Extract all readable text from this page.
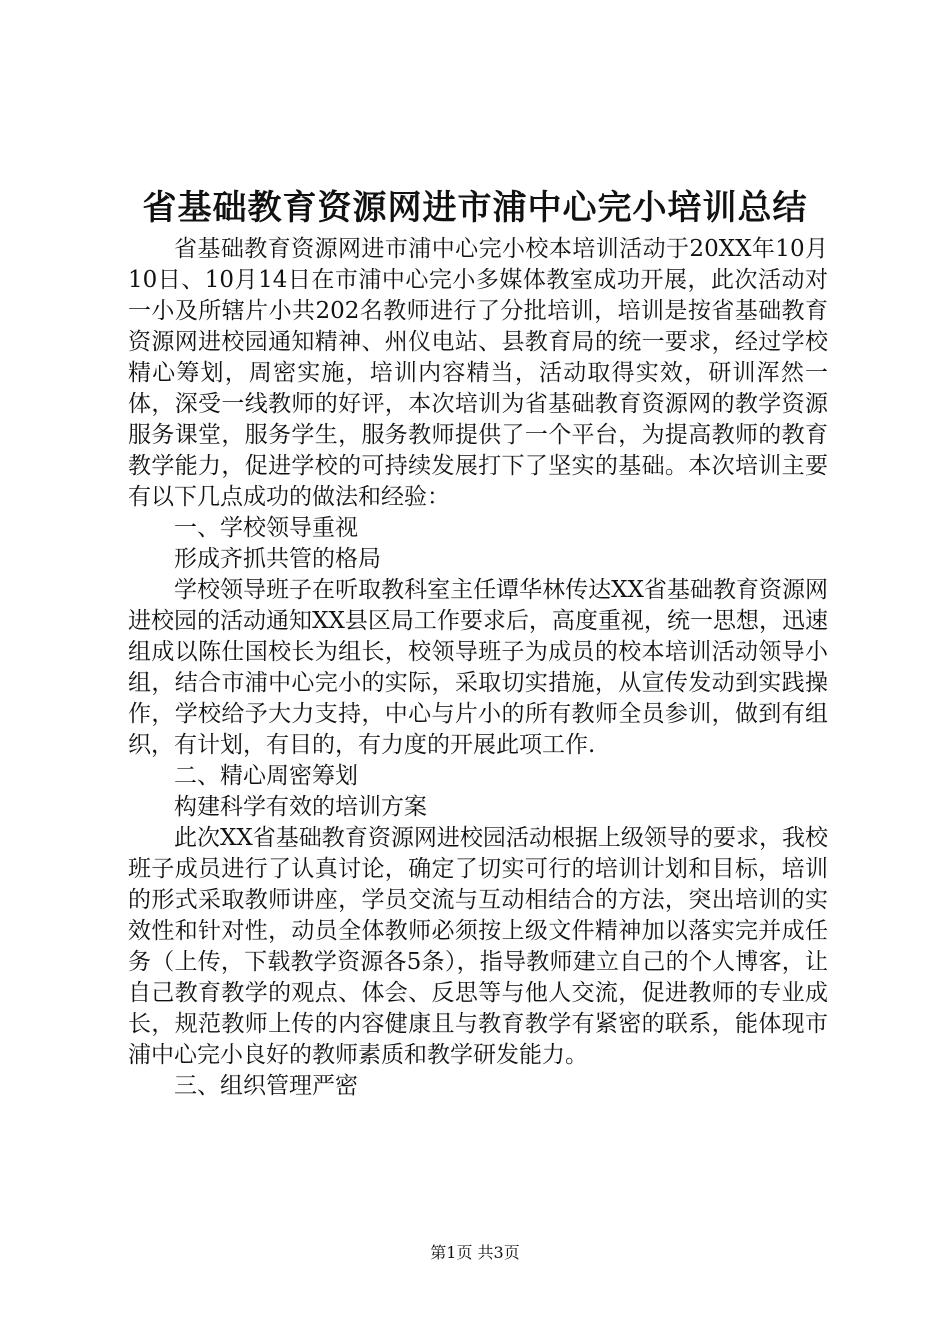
省基础教育资源网进市浦中心完小培训总结

省基础教育资源网进市浦中心完小校本培训活动于20XX年10月10日、10月14日在市浦中心完小多媒体教室成功开展，此次活动对一小及所辖片小共202名教师进行了分批培训，培训是按省基础教育资源网进校园通知精神、州仪电站、县教育局的统一要求，经过学校精心筹划，周密实施，培训内容精当，活动取得实效，研训浑然一体，深受一线教师的好评，本次培训为省基础教育资源网的教学资源服务课堂，服务学生，服务教师提供了一个平台，为提高教师的教育教学能力，促进学校的可持续发展打下了坚实的基础。本次培训主要有以下几点成功的做法和经验：

一、学校领导重视

形成齐抓共管的格局

学校领导班子在听取教科室主任谭华林传达XX省基础教育资源网进校园的活动通知XX县区局工作要求后，高度重视，统一思想，迅速组成以陈仕国校长为组长，校领导班子为成员的校本培训活动领导小组，结合市浦中心完小的实际，采取切实措施，从宣传发动到实践操作，学校给予大力支持，中心与片小的所有教师全员参训，做到有组织，有计划，有目的，有力度的开展此项工作.

二、精心周密筹划

构建科学有效的培训方案

此次XX省基础教育资源网进校园活动根据上级领导的要求，我校班子成员进行了认真讨论，确定了切实可行的培训计划和目标，培训的形式采取教师讲座，学员交流与互动相结合的方法，突出培训的实效性和针对性，动员全体教师必须按上级文件精神加以落实完并成任务（上传，下载教学资源各5条），指导教师建立自己的个人博客，让自己教育教学的观点、体会、反思等与他人交流，促进教师的专业成长，规范教师上传的内容健康且与教育教学有紧密的联系，能体现市浦中心完小良好的教师素质和教学研发能力。

三、组织管理严密

第1页 共3页
